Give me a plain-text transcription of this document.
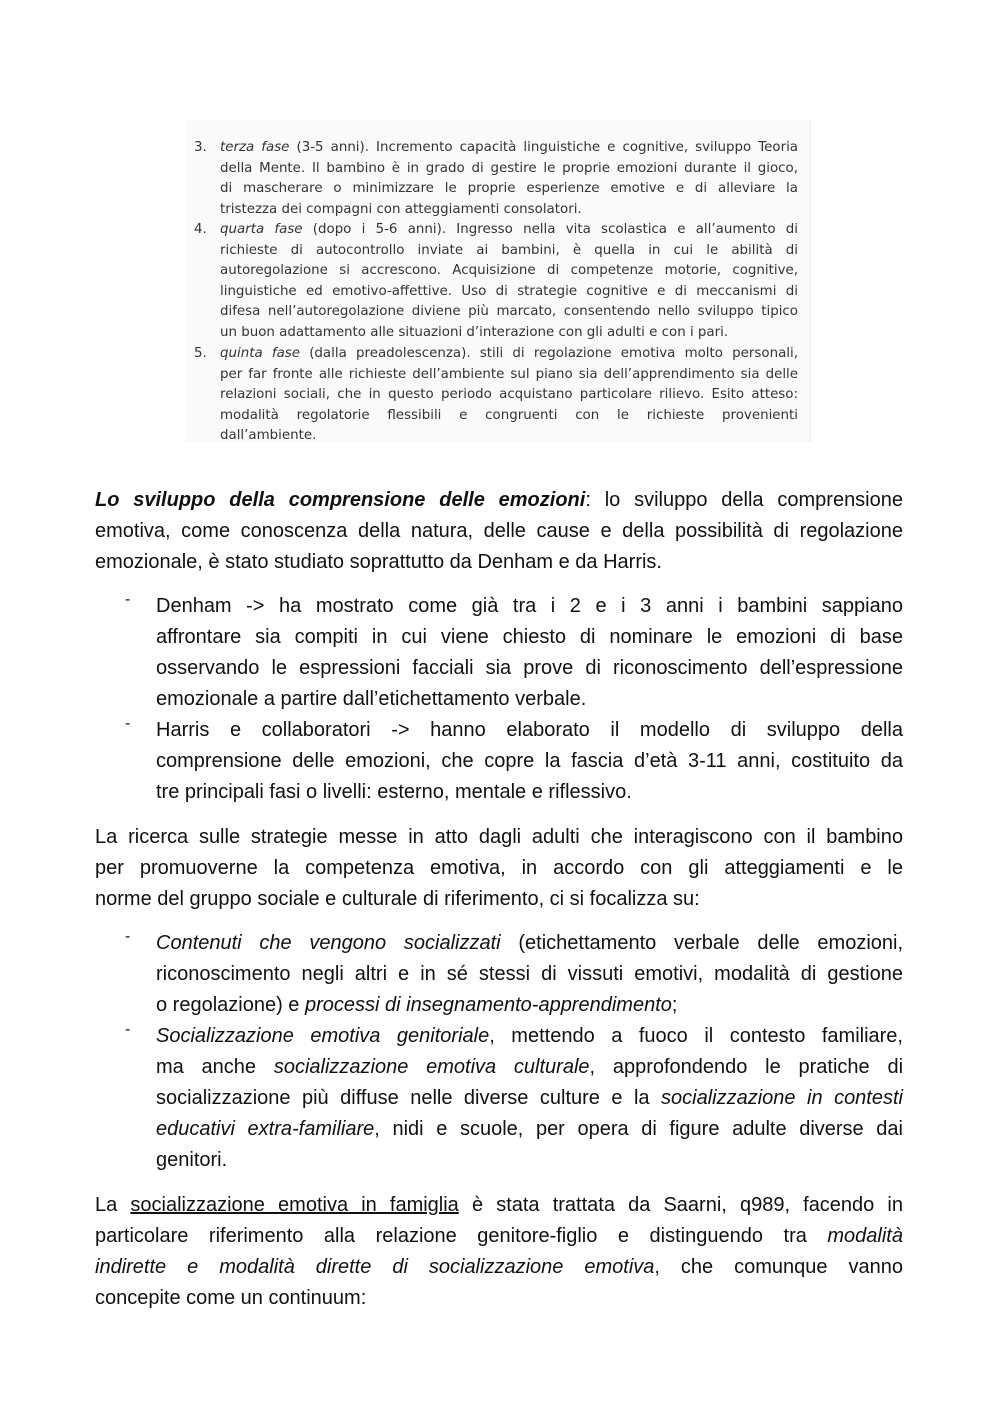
3. terza fase (3-5 anni). Incremento capacità linguistiche e cognitive, sviluppo Teoria
della Mente. Il bambino è in grado di gestire le proprie emozioni durante il gioco,
di mascherare o minimizzare le proprie esperienze emotive e di alleviare la
tristezza dei compagni con atteggiamenti consolatori.
4. quarta fase (dopo i 5-6 anni). Ingresso nella vita scolastica e all’aumento di
richieste di autocontrollo inviate ai bambini, è quella in cui le abilità di
autoregolazione si accrescono. Acquisizione di competenze motorie, cognitive,
linguistiche ed emotivo-affettive. Uso di strategie cognitive e di meccanismi di
difesa nell’autoregolazione diviene più marcato, consentendo nello sviluppo tipico
un buon adattamento alle situazioni d’interazione con gli adulti e con i pari.
5. quinta fase (dalla preadolescenza). stili di regolazione emotiva molto personali,
per far fronte alle richieste dell’ambiente sul piano sia dell’apprendimento sia delle
relazioni sociali, che in questo periodo acquistano particolare rilievo. Esito atteso:
modalità regolatorie flessibili e congruenti con le richieste provenienti
dall’ambiente.
Lo sviluppo della comprensione delle emozioni: lo sviluppo della comprensione
emotiva, come conoscenza della natura, delle cause e della possibilità di regolazione
emozionale, è stato studiato soprattutto da Denham e da Harris.
-	Denham -> ha mostrato come già tra i 2 e i 3 anni i bambini sappiano
affrontare sia compiti in cui viene chiesto di nominare le emozioni di base
osservando le espressioni facciali sia prove di riconoscimento dell’espressione
emozionale a partire dall’etichettamento verbale.
-	Harris e collaboratori -> hanno elaborato il modello di sviluppo della
comprensione delle emozioni, che copre la fascia d’età 3-11 anni, costituito da
tre principali fasi o livelli: esterno, mentale e riflessivo.
La ricerca sulle strategie messe in atto dagli adulti che interagiscono con il bambino
per promuoverne la competenza emotiva, in accordo con gli atteggiamenti e le
norme del gruppo sociale e culturale di riferimento, ci si focalizza su:
-	Contenuti che vengono socializzati (etichettamento verbale delle emozioni,
riconoscimento negli altri e in sé stessi di vissuti emotivi, modalità di gestione
o regolazione) e processi di insegnamento-apprendimento;
-	Socializzazione emotiva genitoriale, mettendo a fuoco il contesto familiare,
ma anche socializzazione emotiva culturale, approfondendo le pratiche di
socializzazione più diffuse nelle diverse culture e la socializzazione in contesti
educativi extra-familiare, nidi e scuole, per opera di figure adulte diverse dai
genitori.
La socializzazione emotiva in famiglia è stata trattata da Saarni, q989, facendo in
particolare riferimento alla relazione genitore-figlio e distinguendo tra modalità
indirette e modalità dirette di socializzazione emotiva, che comunque vanno
concepite come un continuum:
